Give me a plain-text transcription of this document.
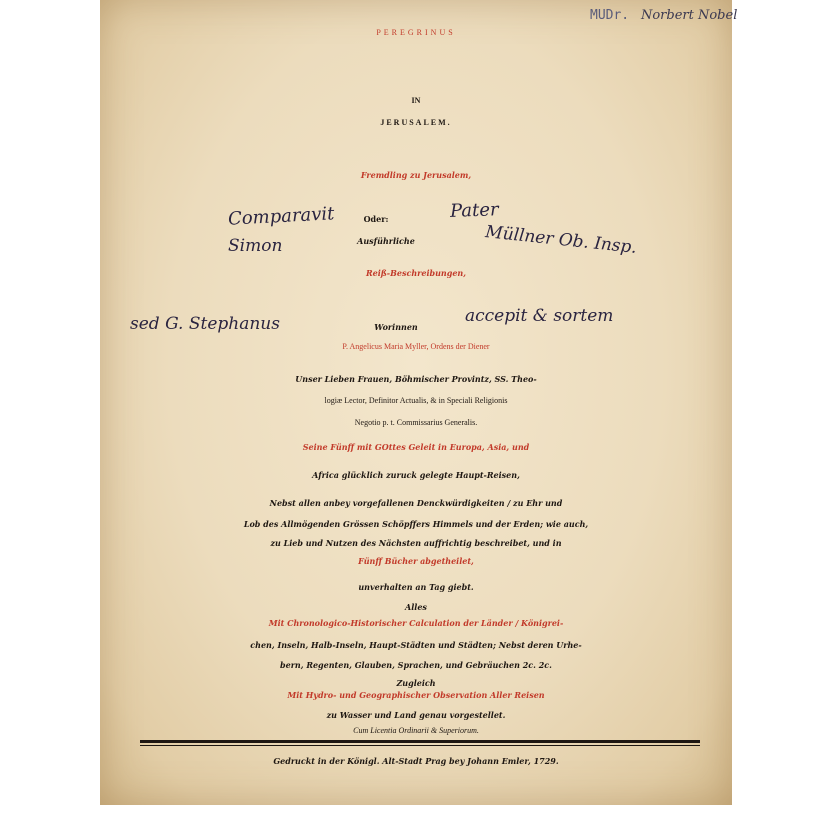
PEREGRINUS

IN

JERUSALEM.

Fremdling zu Jerusalem,

Oder:

Ausführliche

Reiß-Beschreibungen,

Worinnen

P. Angelicus Maria Myller, Ordens der Diener

Unser Lieben Frauen, Böhmischer Provintz, SS. Theo-

logiæ Lector, Definitor Actualis, & in Speciali Religionis

Negotio p. t. Commissarius Generalis.

Seine Fünff mit GOttes Geleit in Europa, Asia, und

Africa glücklich zuruck gelegte Haupt-Reisen,

Nebst allen anbey vorgefallenen Denckwürdigkeiten / zu Ehr und

Lob des Allmögenden Grössen Schöpffers Himmels und der Erden; wie auch,

zu Lieb und Nutzen des Nächsten auffrichtig beschreibet, und in

Fünff Bücher abgetheilet,

unverhalten an Tag giebt.

Alles

Mit Chronologico-Historischer Calculation der Länder / Königrei-

chen, Inseln, Halb-Inseln, Haupt-Städten und Städten; Nebst deren Urhe-

bern, Regenten, Glauben, Sprachen, und Gebräuchen 2c. 2c.

Zugleich

Mit Hydro- und Geographischer Observation Aller Reisen

zu Wasser und Land genau vorgestellet.

Cum Licentia Ordinarii & Superiorum.

Gedruckt in der Königl. Alt-Stadt Prag bey Johann Emler, 1729.

Comparavit	Pater
Simon	Müllner Ob. Insp.
sed G. Stephanus	accepit & sortem
MUDr. Norbert Nobel
